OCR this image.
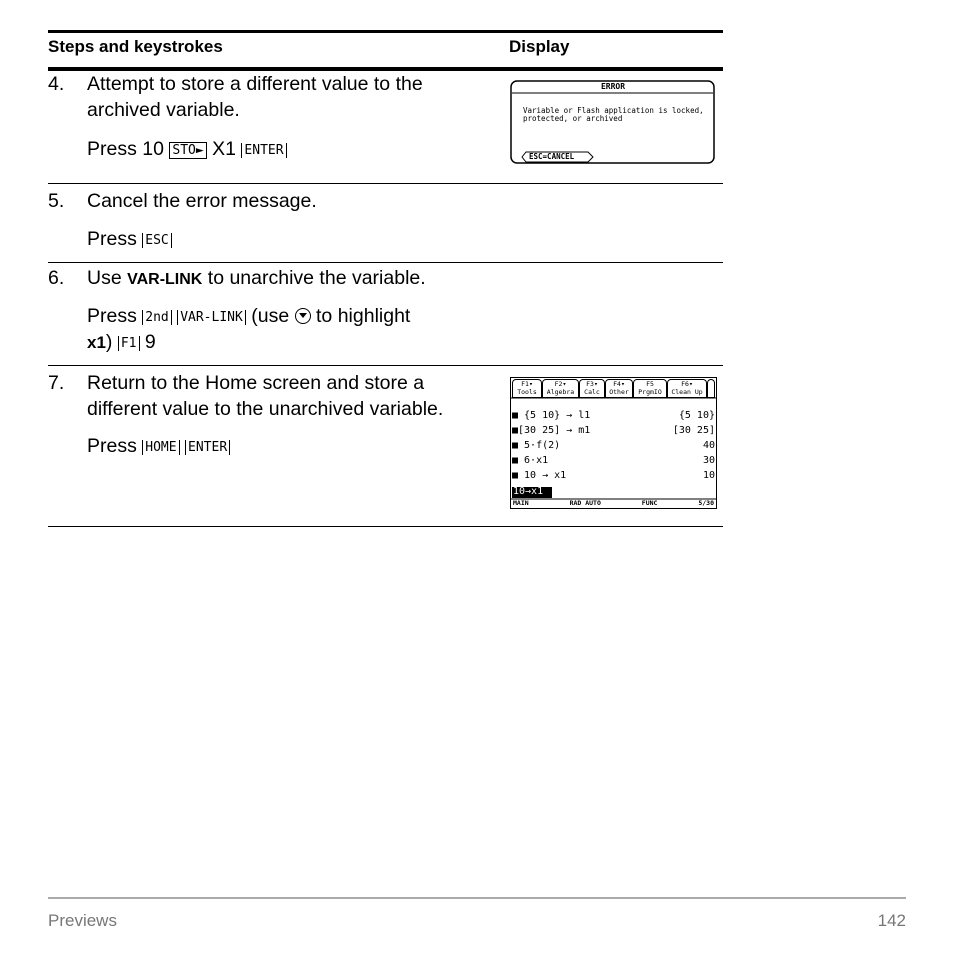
Steps and keystrokes	Display
4. Attempt to store a different value to the
archived variable.
Press 10 STO► X1 ENTER
ERROR
Variable or Flash application is locked,
protected, or archived
ESC=CANCEL
5. Cancel the error message.
Press ESC
6. Use VAR-LINK to unarchive the variable.
Press 2nd VAR-LINK (use to highlight
x1) F1 9
7. Return to the Home screen and store a
different value to the unarchived variable.
Press HOME ENTER
F1▾
Tools
F2▾
Algebra
F3▾
Calc
F4▾
Other
F5
PrgmIO
F6▾
Clean Up
■ {5 10} → l1	{5 10}
■[30 25] → m1	[30 25]
■ 5·f(2)	40
■ 6·x1	30
■ 10 → x1	10
10→x1
MAIN	RAD AUTO	FUNC	5/30
Previews	142
